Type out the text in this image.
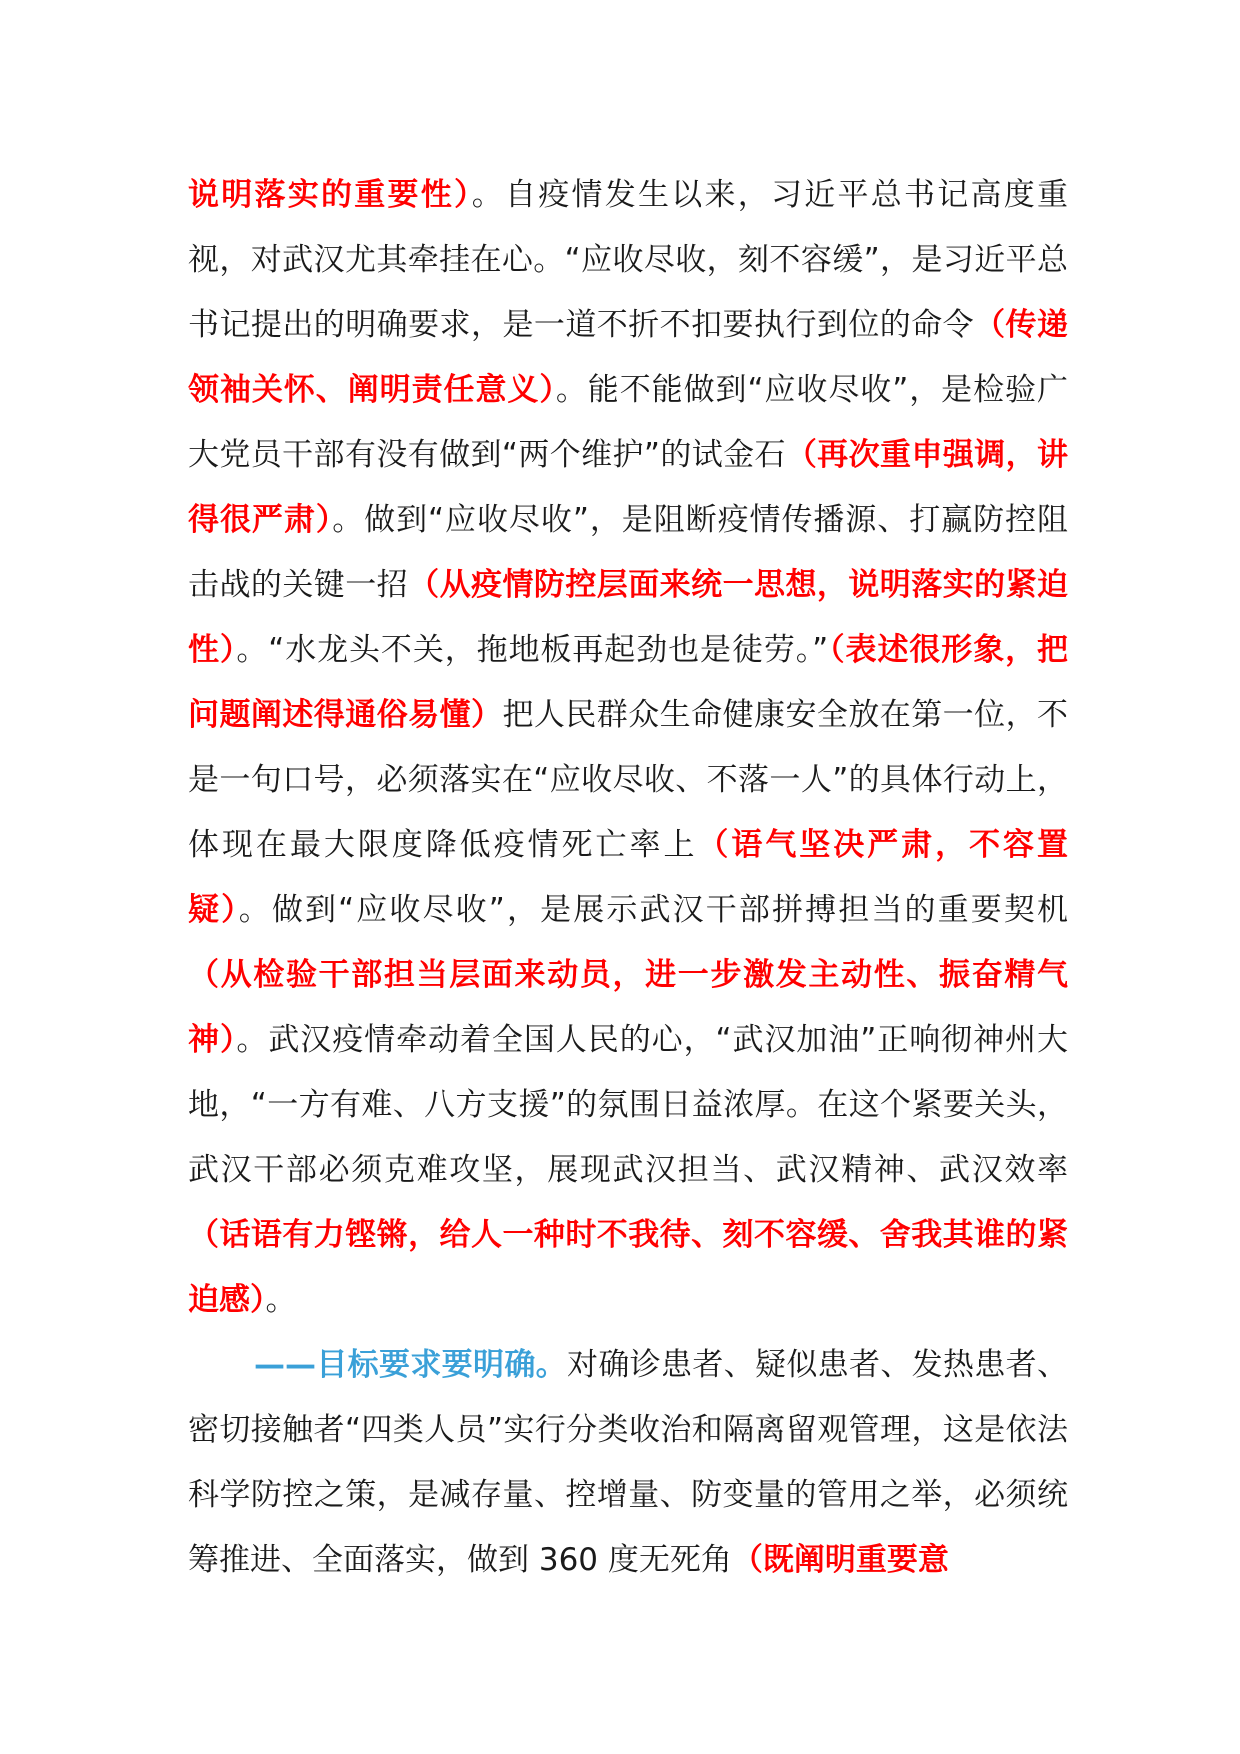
说明落实的重要性）。自疫情发生以来，习近平总书记高度重视，对武汉尤其牵挂在心。“应收尽收，刻不容缓”，是习近平总书记提出的明确要求，是一道不折不扣要执行到位的命令（传递领袖关怀、阐明责任意义）。能不能做到“应收尽收”，是检验广大党员干部有没有做到“两个维护”的试金石（再次重申强调，讲得很严肃）。做到“应收尽收”，是阻断疫情传播源、打赢防控阻击战的关键一招（从疫情防控层面来统一思想，说明落实的紧迫性）。“水龙头不关，拖地板再起劲也是徒劳。”（表述很形象，把问题阐述得通俗易懂）把人民群众生命健康安全放在第一位，不是一句口号，必须落实在“应收尽收、不落一人”的具体行动上，体现在最大限度降低疫情死亡率上（语气坚决严肃，不容置疑）。做到“应收尽收”，是展示武汉干部拼搏担当的重要契机（从检验干部担当层面来动员，进一步激发主动性、振奋精气神）。武汉疫情牵动着全国人民的心，“武汉加油”正响彻神州大地，“一方有难、八方支援”的氛围日益浓厚。在这个紧要关头，武汉干部必须克难攻坚，展现武汉担当、武汉精神、武汉效率（话语有力铿锵，给人一种时不我待、刻不容缓、舍我其谁的紧迫感）。

——目标要求要明确。对确诊患者、疑似患者、发热患者、密切接触者“四类人员”实行分类收治和隔离留观管理，这是依法科学防控之策，是减存量、控增量、防变量的管用之举，必须统筹推进、全面落实，做到 360 度无死角（既阐明重要意
